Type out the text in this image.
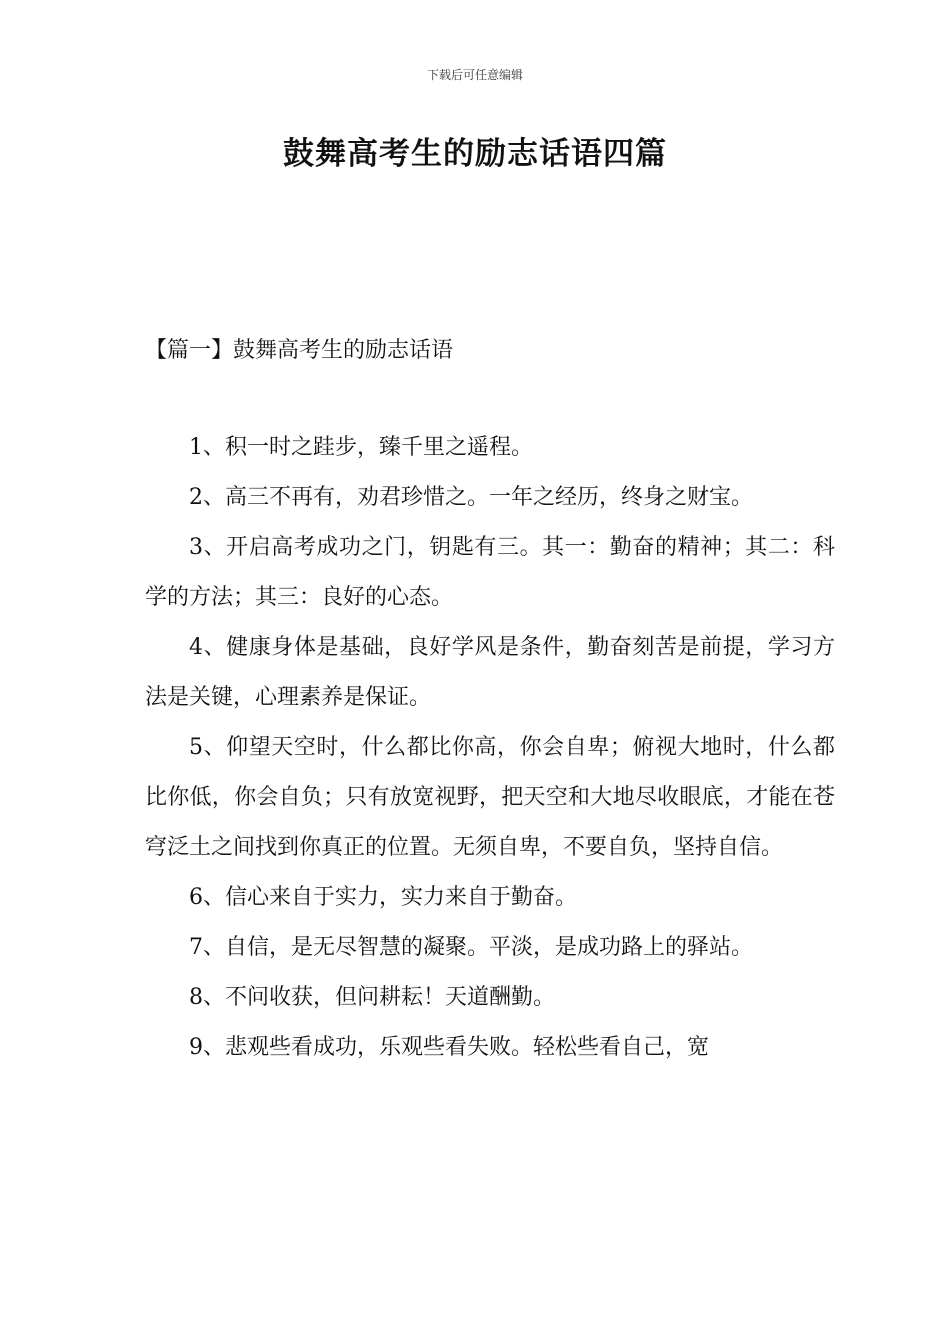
下载后可任意编辑
鼓舞高考生的励志话语四篇
【篇一】鼓舞高考生的励志话语

1、积一时之跬步，臻千里之遥程。

2、高三不再有，劝君珍惜之。一年之经历，终身之财宝。

3、开启高考成功之门，钥匙有三。其一：勤奋的精神；其二：科学的方法；其三：良好的心态。

4、健康身体是基础，良好学风是条件，勤奋刻苦是前提，学习方法是关键，心理素养是保证。

5、仰望天空时，什么都比你高，你会自卑；俯视大地时，什么都比你低，你会自负；只有放宽视野，把天空和大地尽收眼底，才能在苍穹泛土之间找到你真正的位置。无须自卑，不要自负，坚持自信。

6、信心来自于实力，实力来自于勤奋。

7、自信，是无尽智慧的凝聚。平淡，是成功路上的驿站。

8、不问收获，但问耕耘！天道酬勤。

9、悲观些看成功，乐观些看失败。轻松些看自己，宽
